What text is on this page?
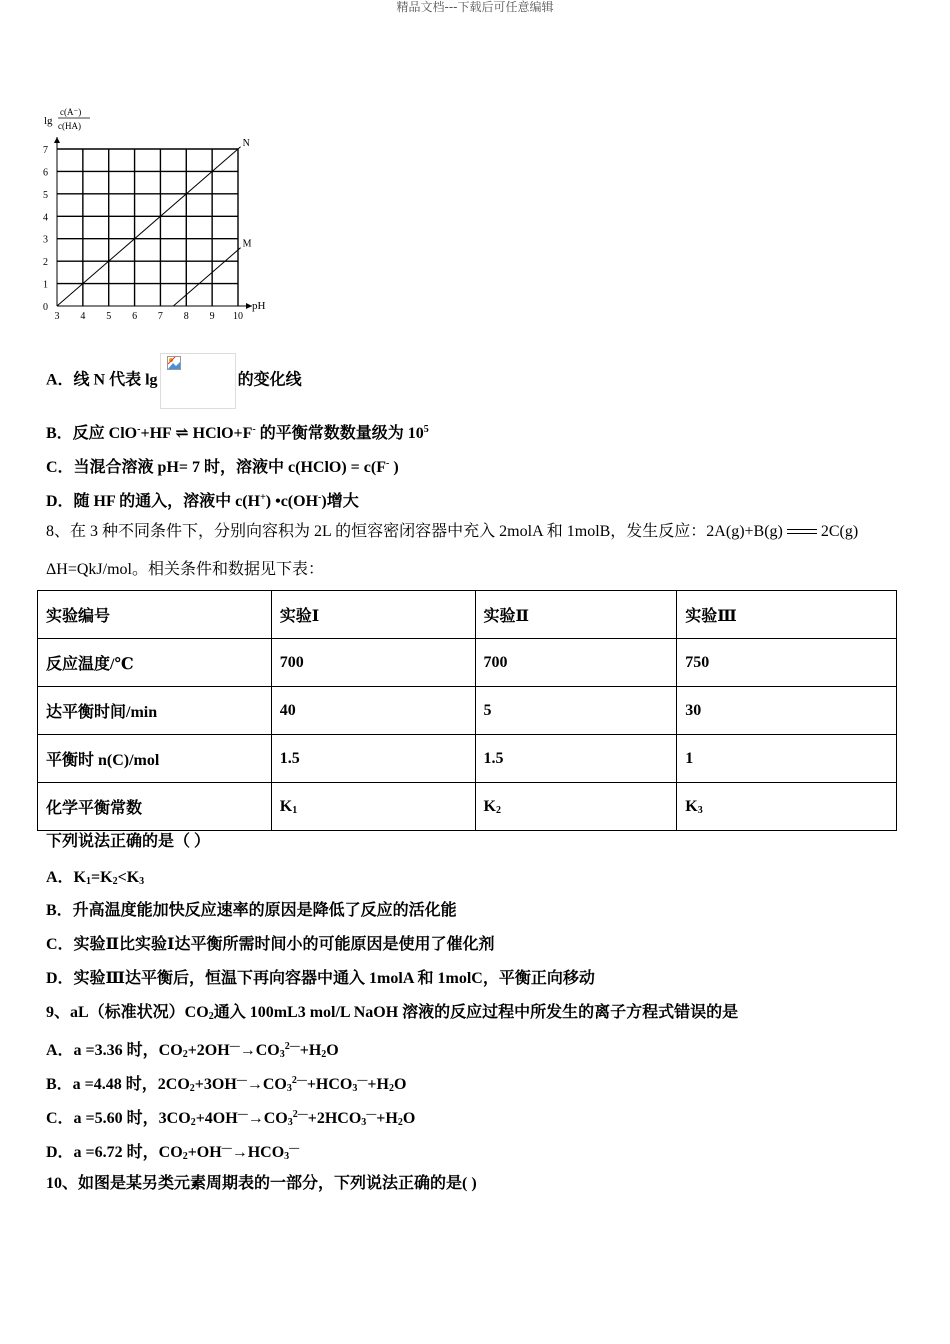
精品文档---下载后可任意编辑
lg
c(A⁻)
c(HA)
0
1
2
3
4
5
6
7
3 4 5 6 7 8 9 10
N
M
pH
A．线 N 代表 lg	的变化线
B．反应 ClO-+HF ⇌ HClO+F- 的平衡常数数量级为 $10^5$
C．当混合溶液 pH= 7 时，溶液中 c(HClO) = c(F- )
D．随 HF 的通入，溶液中 c(H+) •c(OH-)增大
8、在 3 种不同条件下，分别向容积为 2L 的恒容密闭容器中充入 2molA 和 1molB，发生反应：2A(g)+B(g) 2C(g)
ΔH=QkJ/mol。相关条件和数据见下表：
实验编号	实验Ⅰ	实验Ⅱ	实验Ⅲ
反应温度/℃	700	700	750
达平衡时间/min	40	5	30
平衡时 n(C)/mol	1.5	1.5	1
化学平衡常数	$K_1$	$K_2$	$K_3$
下列说法正确的是（ ）
A．$K_1=K_2<K_3$
B．升高温度能加快反应速率的原因是降低了反应的活化能
C．实验Ⅱ比实验Ⅰ达平衡所需时间小的可能原因是使用了催化剂
D．实验Ⅲ达平衡后，恒温下再向容器中通入 1molA 和 1molC，平衡正向移动
9、aL（标准状况）$CO_2$通入 100mL3 mol/L NaOH 溶液的反应过程中所发生的离子方程式错误的是
A．a =3.36 时，$CO_2+2OH^—\to CO_3^{2—}+H_2O$
B．a =4.48 时，$2CO_2+3OH^—\to CO_3^{2—}+HCO_3^—+H_2O$
C．a =5.60 时，$3CO_2+4OH^—\to CO_3^{2—}+2HCO_3^—+H_2O$
D．a =6.72 时，$CO_2+OH^—\to HCO_3^—$
10、如图是某另类元素周期表的一部分，下列说法正确的是( )
